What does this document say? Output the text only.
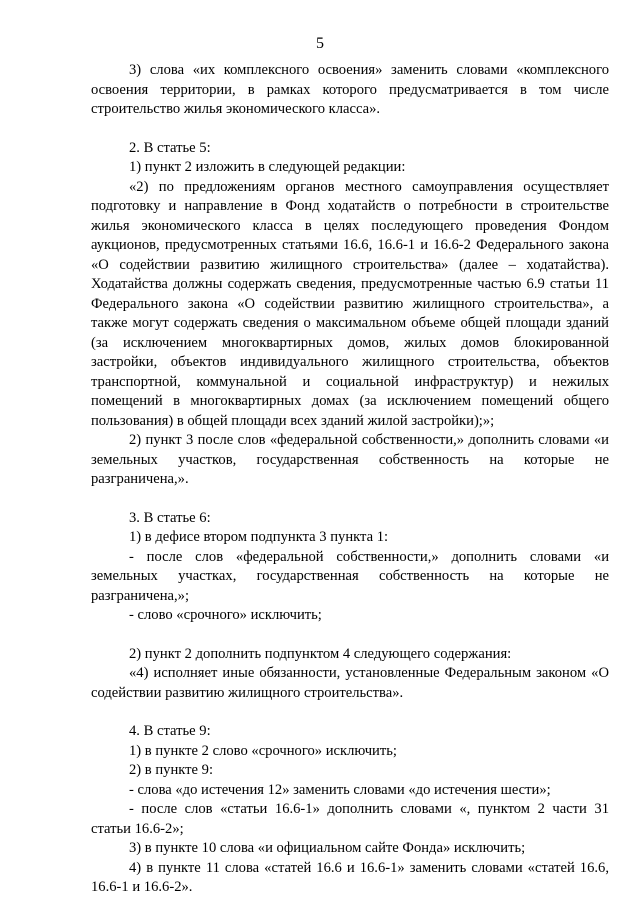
5

3) слова «их комплексного освоения» заменить словами «комплексного освоения территории, в рамках которого предусматривается в том числе строительство жилья экономического класса».

2. В статье 5:

1) пункт 2 изложить в следующей редакции:

«2) по предложениям органов местного самоуправления осуществляет подготовку и направление в Фонд ходатайств о потребности в строительстве жилья экономического класса в целях последующего проведения Фондом аукционов, предусмотренных статьями 16.6, 16.6-1 и 16.6-2 Федерального закона «О содействии развитию жилищного строительства» (далее – ходатайства). Ходатайства должны содержать сведения, предусмотренные частью 6.9 статьи 11 Федерального закона «О содействии развитию жилищного строительства», а также могут содержать сведения о максимальном объеме общей площади зданий (за исключением многоквартирных домов, жилых домов блокированной застройки, объектов индивидуального жилищного строительства, объектов транспортной, коммунальной и социальной инфраструктур) и нежилых помещений в многоквартирных домах (за исключением помещений общего пользования) в общей площади всех зданий жилой застройки);»;

2) пункт 3 после слов «федеральной собственности,» дополнить словами «и земельных участков, государственная собственность на которые не разграничена,».

3. В статье 6:

1) в дефисе втором подпункта 3 пункта 1:

- после слов «федеральной собственности,» дополнить словами «и земельных участках, государственная собственность на которые не разграничена,»;

- слово «срочного» исключить;

2) пункт 2 дополнить подпунктом 4 следующего содержания:

«4) исполняет иные обязанности, установленные Федеральным законом «О содействии развитию жилищного строительства».

4. В статье 9:

1) в пункте 2 слово «срочного» исключить;

2) в пункте 9:

- слова «до истечения 12» заменить словами «до истечения шести»;

- после слов «статьи 16.6-1» дополнить словами «, пунктом 2 части 31 статьи 16.6-2»;

3) в пункте 10 слова «и официальном сайте Фонда» исключить;

4) в пункте 11 слова «статей 16.6 и 16.6-1» заменить словами «статей 16.6, 16.6-1 и 16.6-2».
